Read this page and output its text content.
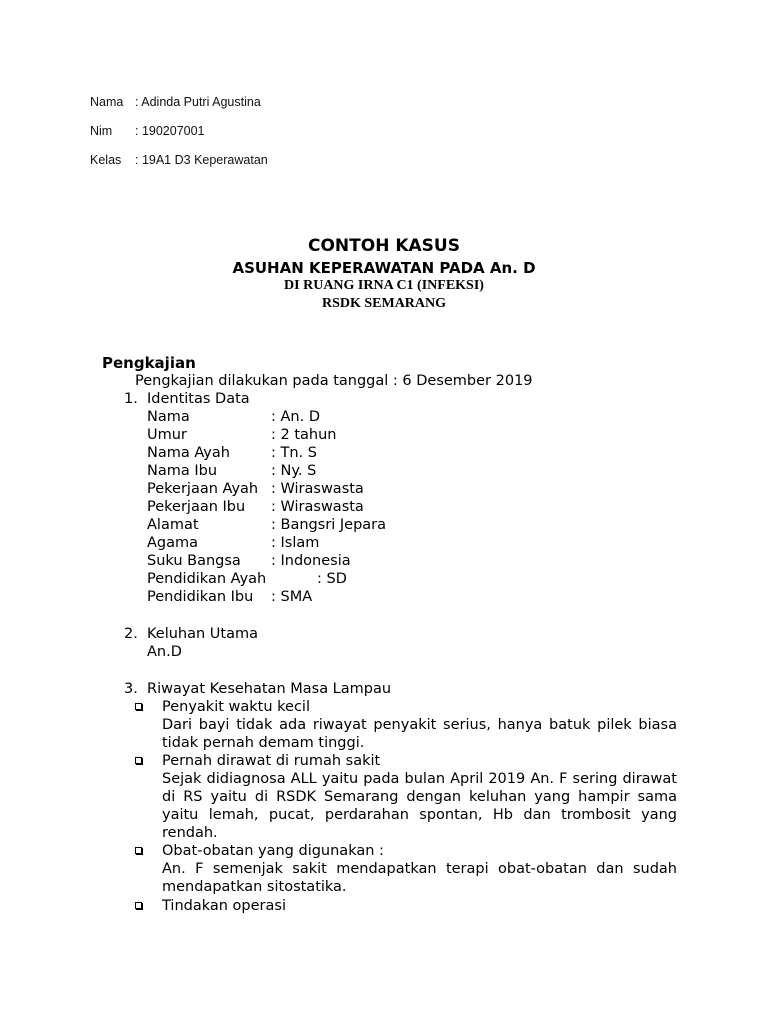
Nama : Adinda Putri Agustina
Nim : 190207001
Kelas : 19A1 D3 Keperawatan
CONTOH KASUS
ASUHAN KEPERAWATAN PADA An. D
DI RUANG IRNA C1 (INFEKSI)
RSDK SEMARANG
Pengkajian
Pengkajian dilakukan pada tanggal : 6 Desember 2019
1. Identitas Data
Nama	: An. D
Umur	: 2 tahun
Nama Ayah	: Tn. S
Nama Ibu	: Ny. S
Pekerjaan Ayah : Wiraswasta
Pekerjaan Ibu : Wiraswasta
Alamat	: Bangsri Jepara
Agama	: Islam
Suku Bangsa : Indonesia
Pendidikan Ayah	: SD
Pendidikan Ibu : SMA
2. Keluhan Utama
An.D
3. Riwayat Kesehatan Masa Lampau
Penyakit waktu kecil
Dari bayi tidak ada riwayat penyakit serius, hanya batuk pilek biasa tidak pernah demam tinggi.
Pernah dirawat di rumah sakit
Sejak didiagnosa ALL yaitu pada bulan April 2019 An. F sering dirawat di RS yaitu di RSDK Semarang dengan keluhan yang hampir sama yaitu lemah, pucat, perdarahan spontan, Hb dan trombosit yang rendah.
Obat-obatan yang digunakan :
An. F semenjak sakit mendapatkan terapi obat-obatan dan sudah mendapatkan sitostatika.
Tindakan operasi
